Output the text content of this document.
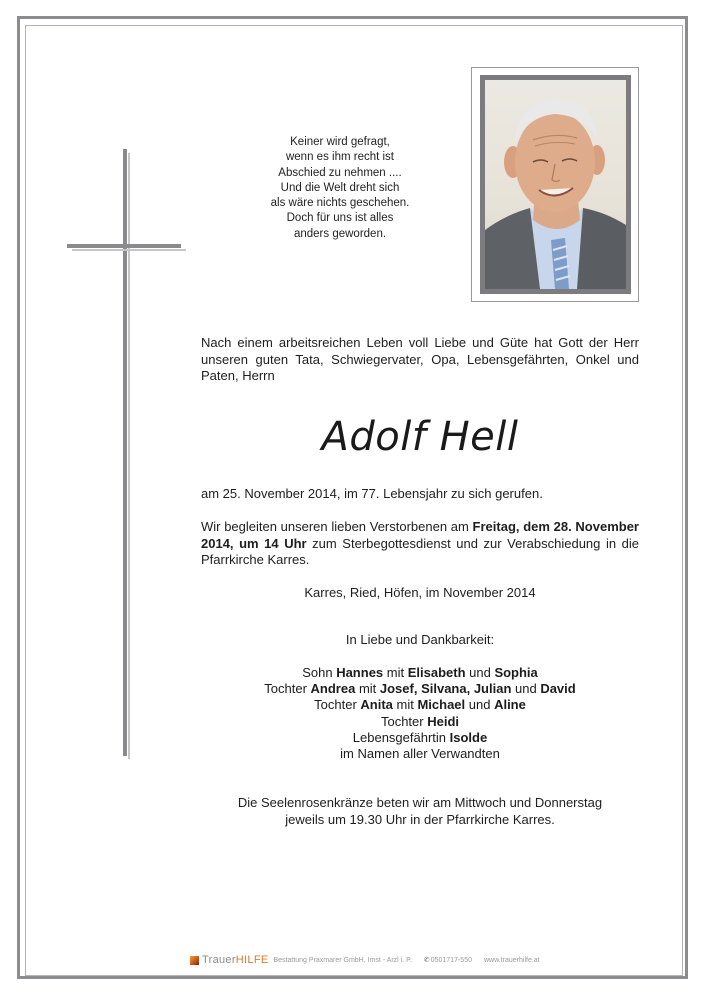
Keiner wird gefragt,
wenn es ihm recht ist
Abschied zu nehmen ....
Und die Welt dreht sich
als wäre nichts geschehen.
Doch für uns ist alles
anders geworden.
Nach einem arbeitsreichen Leben voll Liebe und Güte hat Gott der Herr unseren guten Tata, Schwiegervater, Opa, Lebensgefährten, Onkel und Paten, Herrn
Adolf Hell
am 25. November 2014, im 77. Lebensjahr zu sich gerufen.
Wir begleiten unseren lieben Verstorbenen am Freitag, dem 28. November 2014, um 14 Uhr zum Sterbegottesdienst und zur Verabschiedung in die Pfarrkirche Karres.
Karres, Ried, Höfen, im November 2014
In Liebe und Dankbarkeit:
Sohn Hannes mit Elisabeth und Sophia
Tochter Andrea mit Josef, Silvana, Julian und David
Tochter Anita mit Michael und Aline
Tochter Heidi
Lebensgefährtin Isolde
im Namen aller Verwandten
Die Seelenrosenkränze beten wir am Mittwoch und Donnerstag
jeweils um 19.30 Uhr in der Pfarrkirche Karres.
Trauer HILFE Bestattung Praxmarer GmbH, Imst - Arzl i. P. ✆ 0501717-550 www.trauerhilfe.at
